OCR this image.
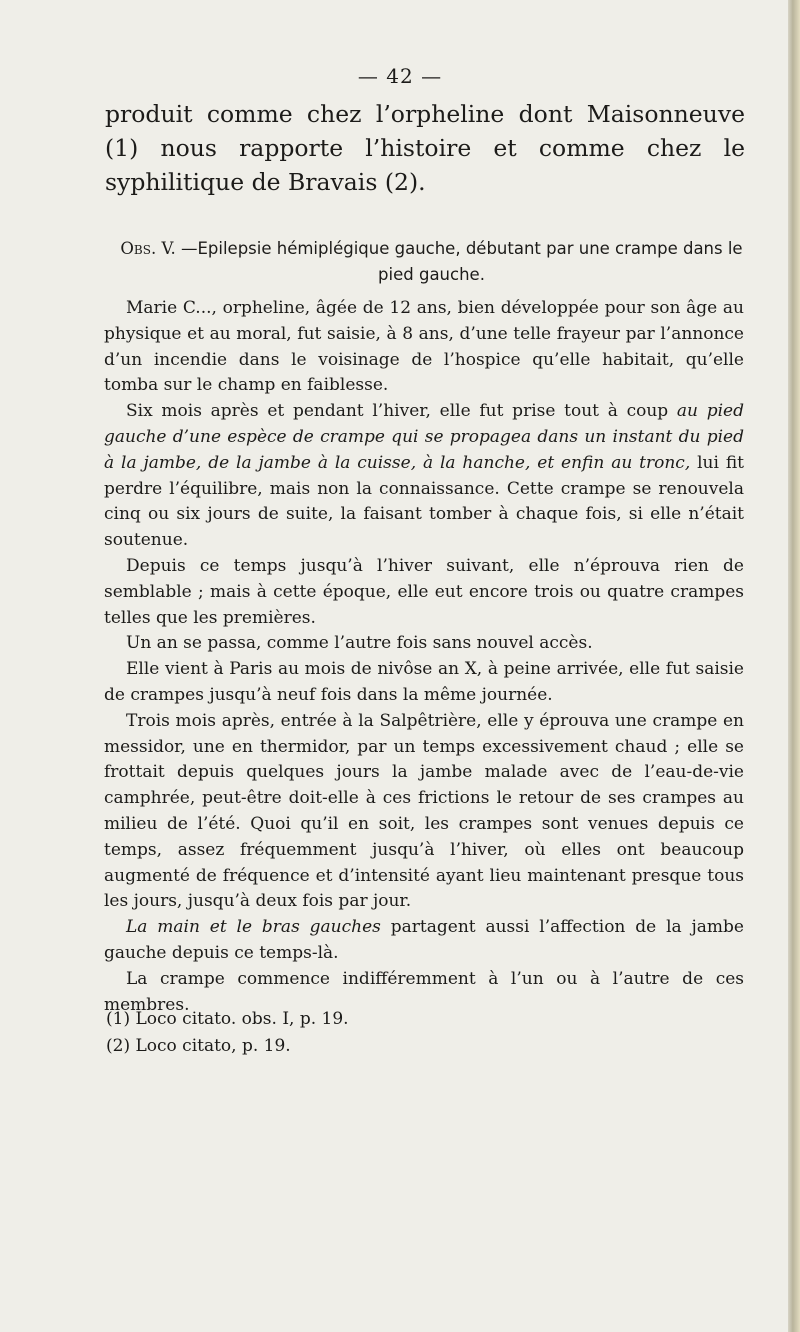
— 42 —

produit comme chez l’orpheline dont Maisonneuve (1) nous rapporte l’histoire et comme chez le syphilitique de Bravais (2).

Obs. V. —Epilepsie hémiplégique gauche, débutant par une crampe dans le pied gauche.

Marie C..., orpheline, âgée de 12 ans, bien développée pour son âge au physique et au moral, fut saisie, à 8 ans, d’une telle frayeur par l’annonce d’un incendie dans le voisinage de l’hospice qu’elle habitait, qu’elle tomba sur le champ en faiblesse.

Six mois après et pendant l’hiver, elle fut prise tout à coup au pied gauche d’une espèce de crampe qui se propagea dans un instant du pied à la jambe, de la jambe à la cuisse, à la hanche, et enfin au tronc, lui fit perdre l’équilibre, mais non la connaissance. Cette crampe se renouvela cinq ou six jours de suite, la faisant tomber à chaque fois, si elle n’était soutenue.

Depuis ce temps jusqu’à l’hiver suivant, elle n’éprouva rien de semblable ; mais à cette époque, elle eut encore trois ou quatre crampes telles que les premières.

Un an se passa, comme l’autre fois sans nouvel accès.

Elle vient à Paris au mois de nivôse an X, à peine arrivée, elle fut saisie de crampes jusqu’à neuf fois dans la même journée.

Trois mois après, entrée à la Salpêtrière, elle y éprouva une crampe en messidor, une en thermidor, par un temps excessivement chaud ; elle se frottait depuis quelques jours la jambe malade avec de l’eau-de-vie camphrée, peut-être doit-elle à ces frictions le retour de ses crampes au milieu de l’été. Quoi qu’il en soit, les crampes sont venues depuis ce temps, assez fréquemment jusqu’à l’hiver, où elles ont beaucoup augmenté de fréquence et d’intensité ayant lieu maintenant presque tous les jours, jusqu’à deux fois par jour.

La main et le bras gauches partagent aussi l’affection de la jambe gauche depuis ce temps-là.

La crampe commence indifféremment à l’un ou à l’autre de ces membres.

(1) Loco citato. obs. I, p. 19.
(2) Loco citato, p. 19.
